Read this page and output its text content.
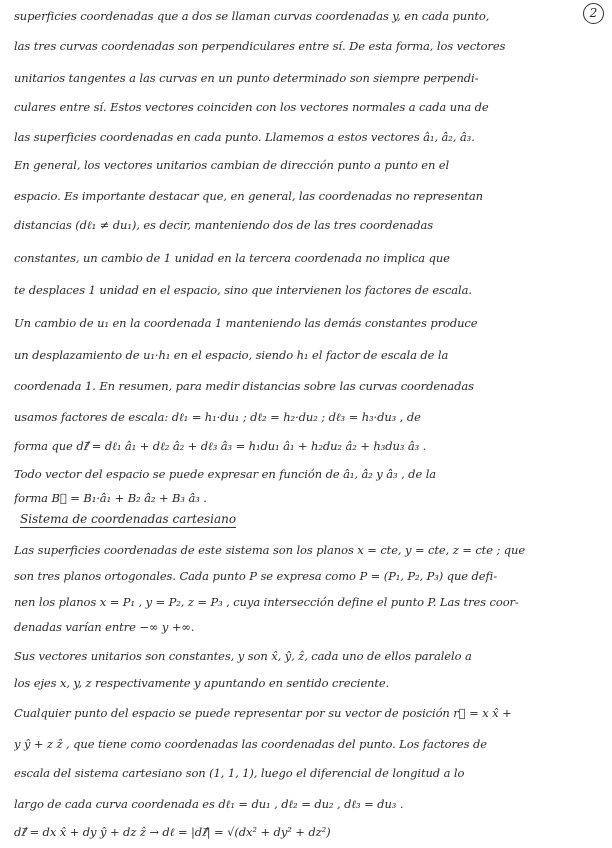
2
superficies coordenadas que a dos se llaman curvas coordenadas y, en cada punto,
las tres curvas coordenadas son perpendiculares entre sí. De esta forma, los vectores
unitarios tangentes a las curvas en un punto determinado son siempre perpendi-
culares entre sí. Estos vectores coinciden con los vectores normales a cada una de
las superficies coordenadas en cada punto. Llamemos a estos vectores â₁, â₂, â₃.
En general, los vectores unitarios cambian de dirección punto a punto en el
espacio. Es importante destacar que, en general, las coordenadas no representan
distancias (dℓ₁ ≠ du₁), es decir, manteniendo dos de las tres coordenadas
constantes, un cambio de 1 unidad en la tercera coordenada no implica que
te desplaces 1 unidad en el espacio, sino que intervienen los factores de escala.
Un cambio de u₁ en la coordenada 1 manteniendo las demás constantes produce
un desplazamiento de u₁·h₁ en el espacio, siendo h₁ el factor de escala de la
coordenada 1. En resumen, para medir distancias sobre las curvas coordenadas
usamos factores de escala: dℓ₁ = h₁·du₁ ; dℓ₂ = h₂·du₂ ; dℓ₃ = h₃·du₃ , de
forma que dℓ⃗ = dℓ₁ â₁ + dℓ₂ â₂ + dℓ₃ â₃ = h₁du₁ â₁ + h₂du₂ â₂ + h₃du₃ â₃ .
Todo vector del espacio se puede expresar en función de â₁, â₂ y â₃ , de la
forma B⃗ = B₁·â₁ + B₂ â₂ + B₃ â₃ .
Sistema de coordenadas cartesiano
Las superficies coordenadas de este sistema son los planos x = cte, y = cte, z = cte ; que
son tres planos ortogonales. Cada punto P se expresa como P = (P₁, P₂, P₃) que defi-
nen los planos x = P₁ , y = P₂, z = P₃ , cuya intersección define el punto P. Las tres coor-
denadas varían entre −∞ y +∞.
Sus vectores unitarios son constantes, y son x̂, ŷ, ẑ, cada uno de ellos paralelo a
los ejes x, y, z respectivamente y apuntando en sentido creciente.
Cualquier punto del espacio se puede representar por su vector de posición r⃗ = x x̂ +
y ŷ + z ẑ , que tiene como coordenadas las coordenadas del punto. Los factores de
escala del sistema cartesiano son (1, 1, 1), luego el diferencial de longitud a lo
largo de cada curva coordenada es dℓ₁ = du₁ , dℓ₂ = du₂ , dℓ₃ = du₃ .
dℓ⃗ = dx x̂ + dy ŷ + dz ẑ → dℓ = |dℓ⃗| = √(dx² + dy² + dz²)
